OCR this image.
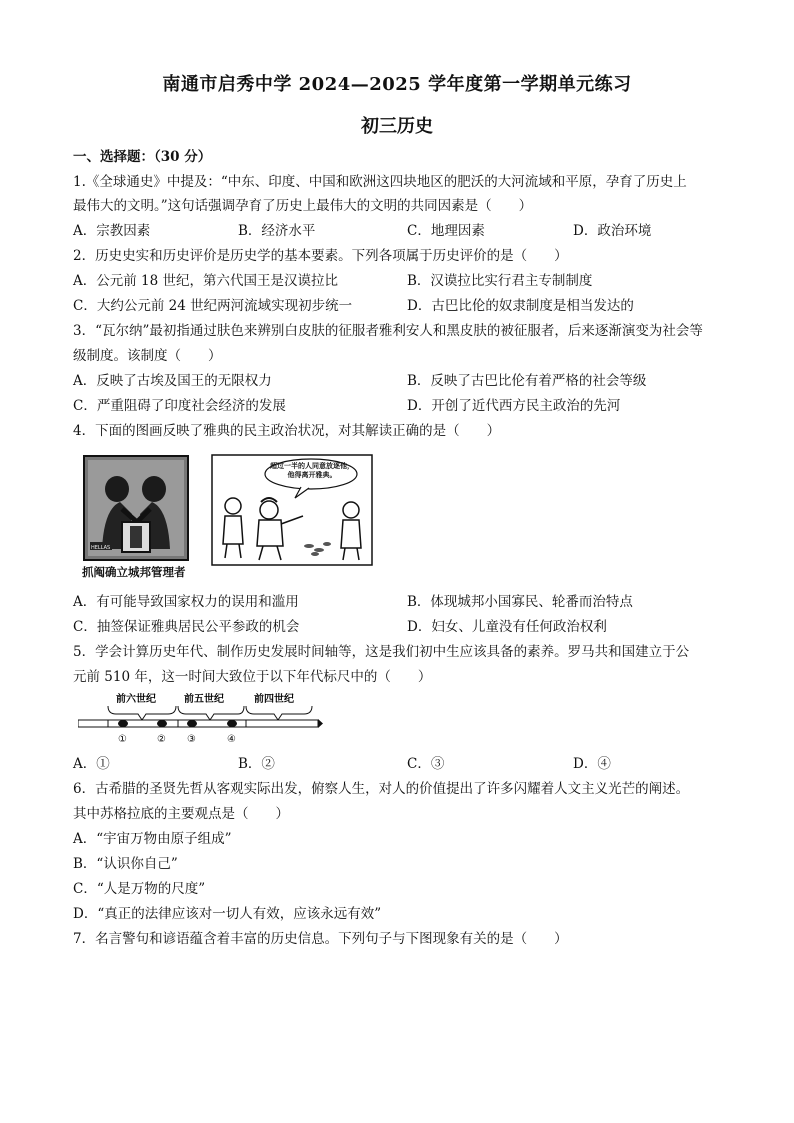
南通市启秀中学 2024—2025 学年度第一学期单元练习
初三历史
一、选择题：（30 分）
1.《全球通史》中提及：“中东、印度、中国和欧洲这四块地区的肥沃的大河流域和平原，孕育了历史上
最伟大的文明。”这句话强调孕育了历史上最伟大的文明的共同因素是（　　）
A．宗教因素	B．经济水平	C．地理因素	D．政治环境
2．历史史实和历史评价是历史学的基本要素。下列各项属于历史评价的是（　　）
A．公元前 18 世纪，第六代国王是汉谟拉比	B．汉谟拉比实行君主专制制度
C．大约公元前 24 世纪两河流域实现初步统一	D．古巴比伦的奴隶制度是相当发达的
3．“瓦尔纳”最初指通过肤色来辨别白皮肤的征服者雅利安人和黑皮肤的被征服者，后来逐渐演变为社会等
级制度。该制度（　　）
A．反映了古埃及国王的无限权力	B．反映了古巴比伦有着严格的社会等级
C．严重阻碍了印度社会经济的发展	D．开创了近代西方民主政治的先河
4．下面的图画反映了雅典的民主政治状况，对其解读正确的是（　　）
HELLAS
抓阄确立城邦管理者
超过一半的人同意放逐他，他得离开雅典。
A．有可能导致国家权力的误用和滥用	B．体现城邦小国寡民、轮番而治特点
C．抽签保证雅典居民公平参政的机会	D．妇女、儿童没有任何政治权利
5．学会计算历史年代、制作历史发展时间轴等，这是我们初中生应该具备的素养。罗马共和国建立于公
元前 510 年，这一时间大致位于以下年代标尺中的（　　）
前六世纪	前五世纪	前四世纪
①	② ③	④
A．①	B．②	C．③	D．④
6．古希腊的圣贤先哲从客观实际出发，俯察人生，对人的价值提出了许多闪耀着人文主义光芒的阐述。
其中苏格拉底的主要观点是（　　）
A．“宇宙万物由原子组成”
B．“认识你自己”
C．“人是万物的尺度”
D．“真正的法律应该对一切人有效，应该永远有效”
7．名言警句和谚语蕴含着丰富的历史信息。下列句子与下图现象有关的是（　　）
